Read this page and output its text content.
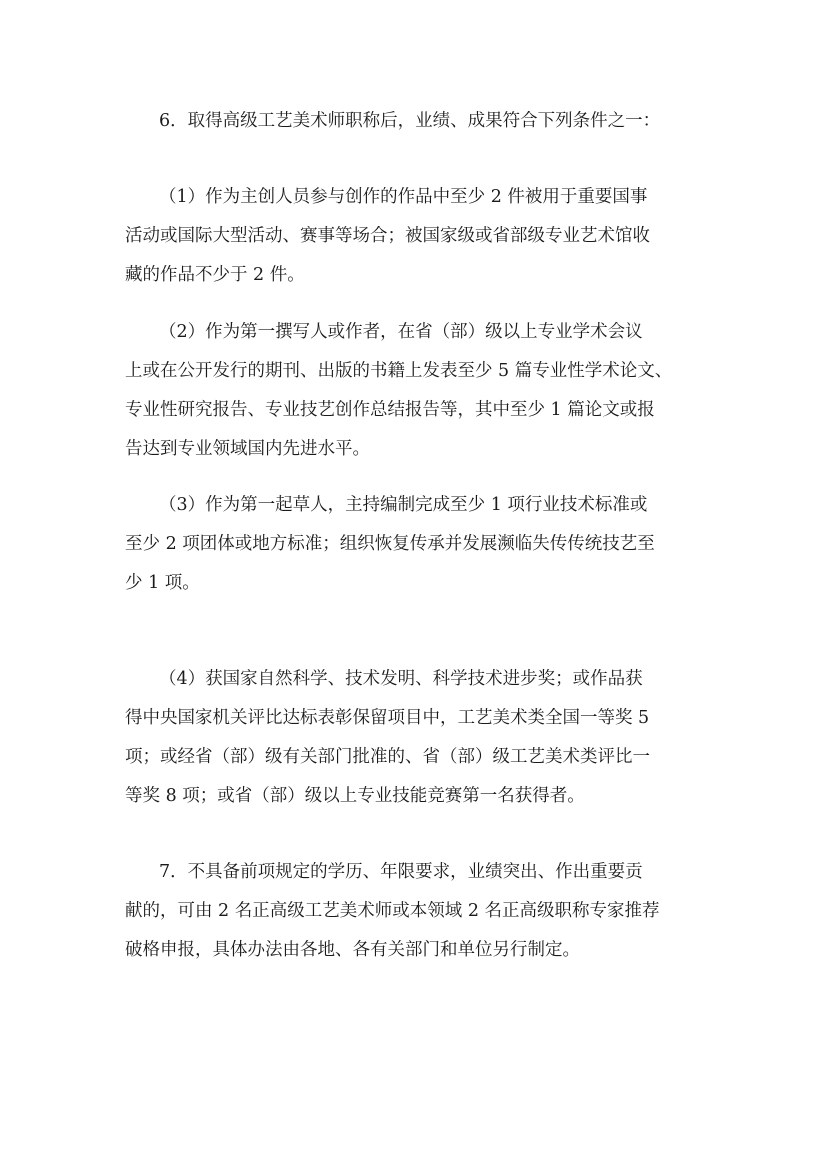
6．取得高级工艺美术师职称后，业绩、成果符合下列条件之一：
（1）作为主创人员参与创作的作品中至少 2 件被用于重要国事
活动或国际大型活动、赛事等场合；被国家级或省部级专业艺术馆收
藏的作品不少于 2 件。
（2）作为第一撰写人或作者，在省（部）级以上专业学术会议
上或在公开发行的期刊、出版的书籍上发表至少 5 篇专业性学术论文、
专业性研究报告、专业技艺创作总结报告等，其中至少 1 篇论文或报
告达到专业领域国内先进水平。
（3）作为第一起草人，主持编制完成至少 1 项行业技术标准或
至少 2 项团体或地方标准；组织恢复传承并发展濒临失传传统技艺至
少 1 项。
（4）获国家自然科学、技术发明、科学技术进步奖；或作品获
得中央国家机关评比达标表彰保留项目中，工艺美术类全国一等奖 5
项；或经省（部）级有关部门批准的、省（部）级工艺美术类评比一
等奖 8 项；或省（部）级以上专业技能竞赛第一名获得者。
7．不具备前项规定的学历、年限要求，业绩突出、作出重要贡
献的，可由 2 名正高级工艺美术师或本领域 2 名正高级职称专家推荐
破格申报，具体办法由各地、各有关部门和单位另行制定。
